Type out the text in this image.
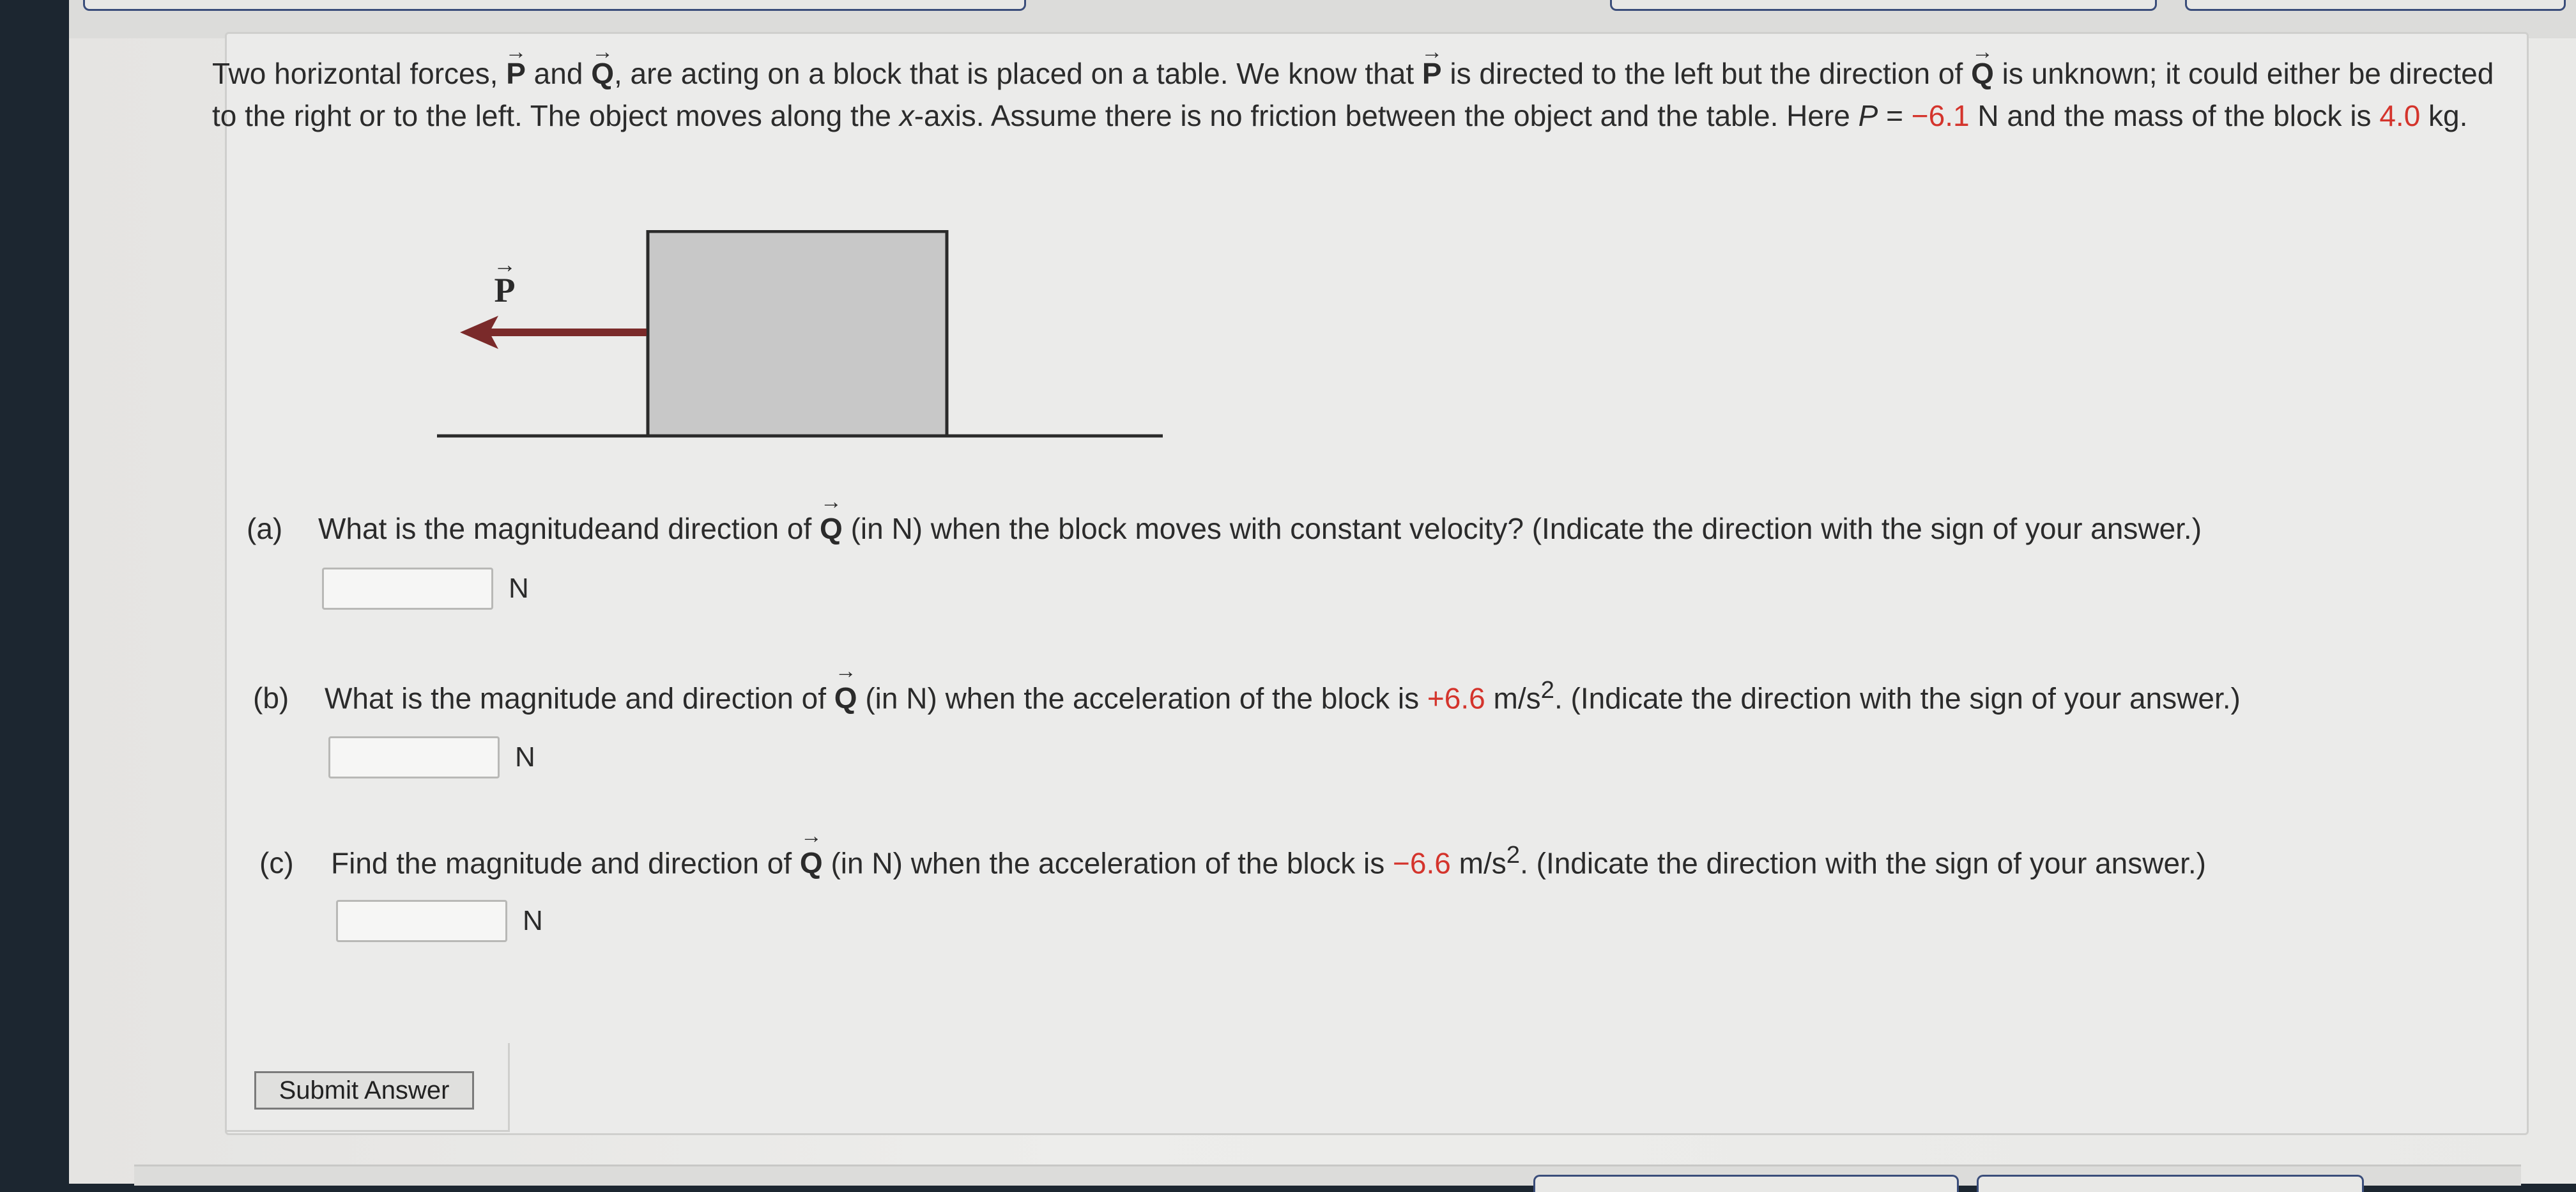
Two horizontal forces, → P and → Q, are acting on a block that is placed on a table. We know that → P is directed to the left but the direction of → Q is unknown; it could either be directed to the right or to the left. The object moves along the x-axis. Assume there is no friction between the object and the table. Here P = −6.1 N and the mass of the block is 4.0 kg.
P
→
(a) What is the magnitudeand direction of → Q (in N) when the block moves with constant velocity? (Indicate the direction with the sign of your answer.)
N
(b) What is the magnitude and direction of → Q (in N) when the acceleration of the block is +6.6 $m/s^2$. (Indicate the direction with the sign of your answer.)
N
(c) Find the magnitude and direction of → Q (in N) when the acceleration of the block is −6.6 $m/s^2$. (Indicate the direction with the sign of your answer.)
N
Submit Answer
